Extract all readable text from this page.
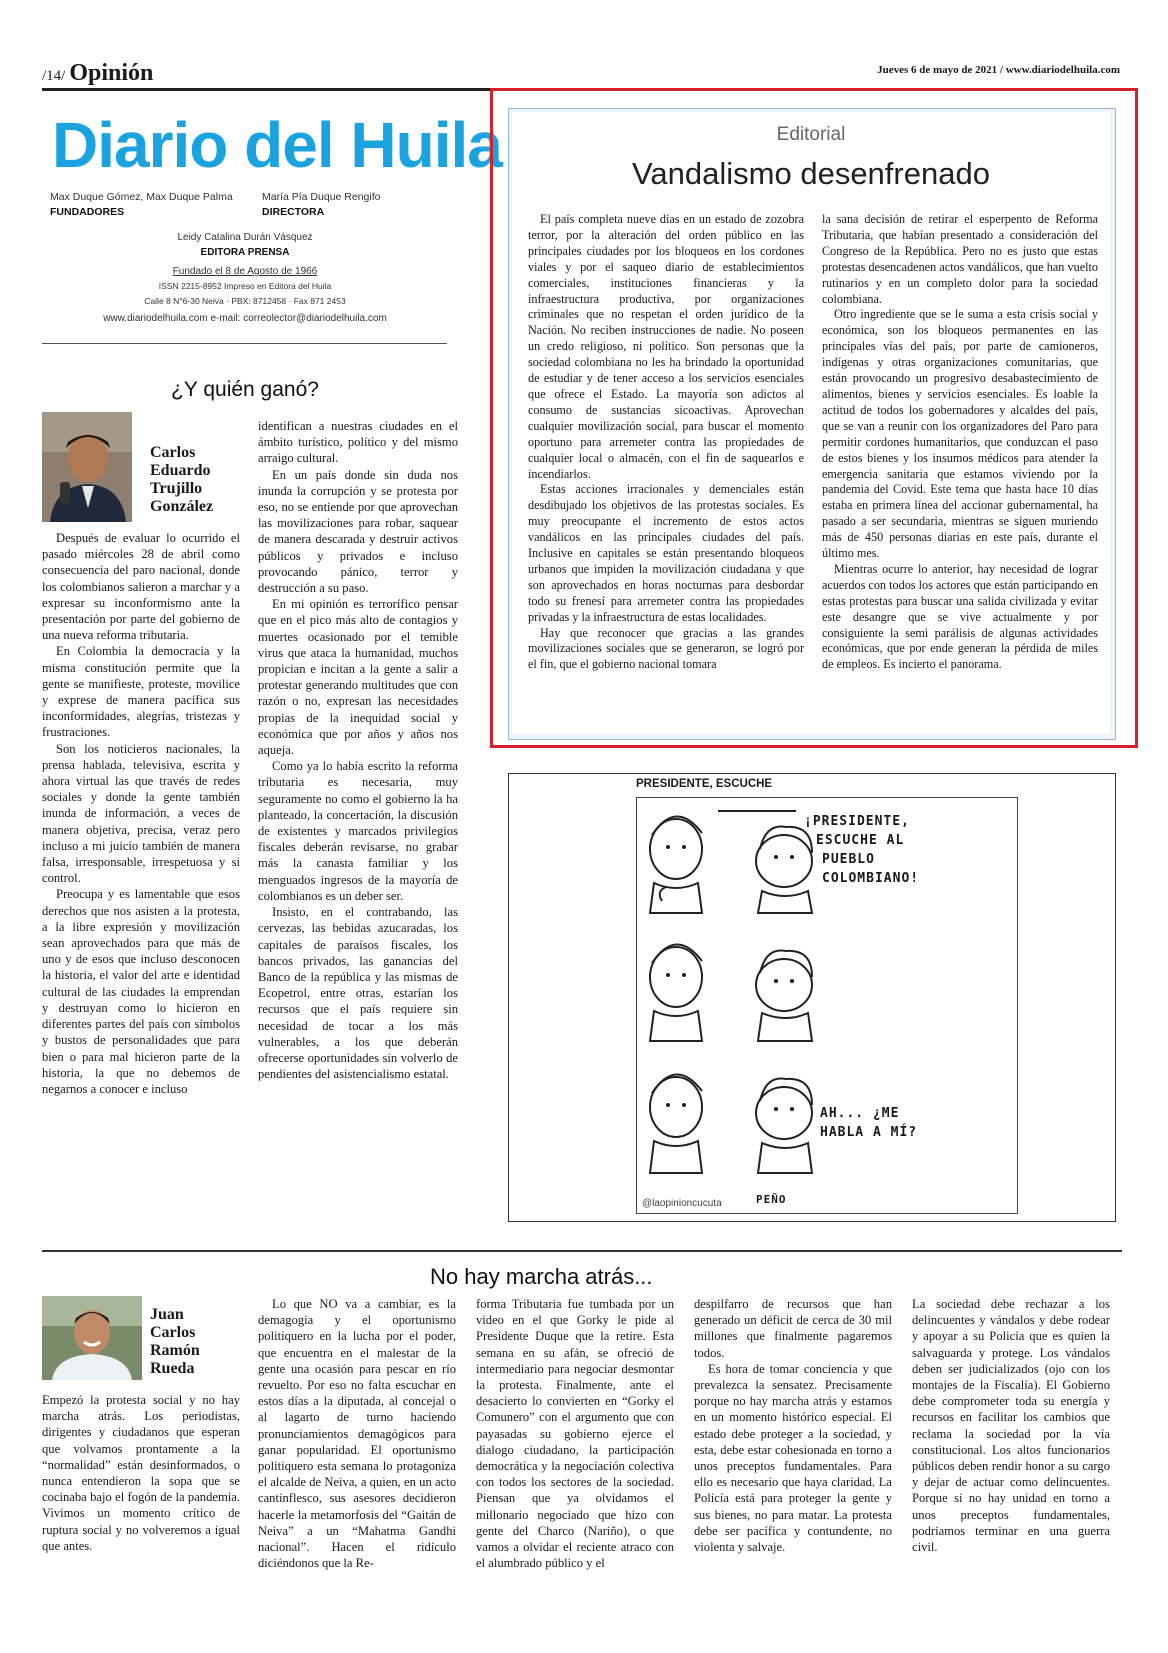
/14/ Opinión	Jueves 6 de mayo de 2021 / www.diariodelhuila.com
Diario del Huila
Max Duque Gómez, Max Duque Palma
FUNDADORES
María Pía Duque Rengifo
DIRECTORA
Leidy Catalina Durán Vásquez
EDITORA PRENSA
Fundado el 8 de Agosto de 1966
ISSN 2215-8952 Impreso en Editora del Huila
Calle 8 N°6-30 Neiva · PBX: 8712458 · Fax 871 2453
www.diariodelhuila.com e-mail: correolector@diariodelhuila.com
¿Y quién ganó?
Carlos
Eduardo
Trujillo
González

Después de evaluar lo ocurrido el pasado miércoles 28 de abril como consecuencia del paro nacional, donde los colombianos salieron a marchar y a expresar su inconformismo ante la presentación por parte del gobierno de una nueva reforma tributaria.

En Colombia la democracia y la misma constitución permite que la gente se manifieste, proteste, movilice y exprese de manera pacífica sus inconformidades, alegrías, tristezas y frustraciones.

Son los noticieros nacionales, la prensa hablada, televisiva, escrita y ahora virtual las que través de redes sociales y donde la gente también inunda de información, a veces de manera objetiva, precisa, veraz pero incluso a mi juicio también de manera falsa, irresponsable, irrespetuosa y si control.

Preocupa y es lamentable que esos derechos que nos asisten a la protesta, a la libre expresión y movilización sean aprovechados para que más de uno y de esos que incluso desconocen la historia, el valor del arte e identidad cultural de las ciudades la emprendan y destruyan como lo hicieron en diferentes partes del país con símbolos y bustos de personalidades que para bien o para mal hicieron parte de la historia, la que no debemos de negarnos a conocer e incluso

identifican a nuestras ciudades en el ámbito turístico, político y del mismo arraigo cultural.

En un país donde sin duda nos inunda la corrupción y se protesta por eso, no se entiende por que aprovechan las movilizaciones para robar, saquear de manera descarada y destruir activos públicos y privados e incluso provocando pánico, terror y destrucción a su paso.

En mi opinión es terrorífico pensar que en el pico más alto de contagios y muertes ocasionado por el temible virus que ataca la humanidad, muchos propician e incitan a la gente a salir a protestar generando multitudes que con razón o no, expresan las necesidades propias de la inequidad social y económica que por años y años nos aqueja.

Como ya lo había escrito la reforma tributaria es necesaria, muy seguramente no como el gobierno la ha planteado, la concertación, la discusión de existentes y marcados privilegios fiscales deberán revisarse, no grabar más la canasta familiar y los menguados ingresos de la mayoría de colombianos es un deber ser.

Insisto, en el contrabando, las cervezas, las bebidas azucaradas, los capitales de paraísos fiscales, los bancos privados, las ganancias del Banco de la república y las mismas de Ecopetrol, entre otras, estarían los recursos que el país requiere sin necesidad de tocar a los más vulnerables, a los que deberán ofrecerse oportunidades sin volverlo de pendientes del asistencialismo estatal.

Editorial
Vandalismo desenfrenado

El país completa nueve días en un estado de zozobra terror, por la alteración del orden público en las principales ciudades por los bloqueos en los cordones viales y por el saqueo diario de establecimientos comerciales, instituciones financieras y la infraestructura productiva, por organizaciones criminales que no respetan el orden jurídico de la Nación. No reciben instrucciones de nadie. No poseen un credo religioso, ni político. Son personas que la sociedad colombiana no les ha brindado la oportunidad de estudiar y de tener acceso a los servicios esenciales que ofrece el Estado. La mayoría son adictos al consumo de sustancias sicoactivas. Aprovechan cualquier movilización social, para buscar el momento oportuno para arremeter contra las propiedades de cualquier local o almacén, con el fin de saquearlos e incendiarlos.

Estas acciones irracionales y demenciales están desdibujado los objetivos de las protestas sociales. Es muy preocupante el incremento de estos actos vandálicos en las principales ciudades del país. Inclusive en capitales se están presentando bloqueos urbanos que impiden la movilización ciudadana y que son aprovechados en horas nocturnas para desbordar todo su frenesí para arremeter contra las propiedades privadas y la infraestructura de estas localidades.

Hay que reconocer que gracias a las grandes movilizaciones sociales que se generaron, se logró por el fin, que el gobierno nacional tomara

la sana decisión de retirar el esperpento de Reforma Tributaria, que habían presentado a consideración del Congreso de la República. Pero no es justo que estas protestas desencadenen actos vandálicos, que han vuelto rutinarios y en un completo dolor para la sociedad colombiana.

Otro ingrediente que se le suma a esta crisis social y económica, son los bloqueos permanentes en las principales vías del país, por parte de camioneros, indígenas y otras organizaciones comunitarias, que están provocando un progresivo desabastecimiento de alimentos, bienes y servicios esenciales. Es loable la actitud de todos los gobernadores y alcaldes del país, que se van a reunir con los organizadores del Paro para permitir cordones humanitarios, que conduzcan el paso de estos bienes y los insumos médicos para atender la emergencia sanitaria que estamos viviendo por la pandemia del Covid. Este tema que hasta hace 10 días estaba en primera línea del accionar gubernamental, ha pasado a ser secundaria, mientras se siguen muriendo más de 450 personas diarias en este país, durante el último mes.

Mientras ocurre lo anterior, hay necesidad de lograr acuerdos con todos los actores que están participando en estas protestas para buscar una salida civilizada y evitar este desangre que se vive actualmente y por consiguiente la semi parálisis de algunas actividades económicas, que por ende generan la pérdida de miles de empleos. Es incierto el panorama.

PRESIDENTE, ESCUCHE
¡PRESIDENTE,
ESCUCHE AL
PUEBLO
COLOMBIANO!
AH... ¿ME
HABLA A MÍ?
@laopinioncucuta	PEÑO
No hay marcha atrás...
Juan
Carlos
Ramón
Rueda

Empezó la protesta social y no hay marcha atrás. Los periodistas, dirigentes y ciudadanos que esperan que volvamos prontamente a la “normalidad” están desinformados, o nunca entendieron la sopa que se cocinaba bajo el fogón de la pandemia. Vivimos un momento crítico de ruptura social y no volveremos a igual que antes.

Lo que NO va a cambiar, es la demagogia y el oportunismo politiquero en la lucha por el poder, que encuentra en el malestar de la gente una ocasión para pescar en río revuelto. Por eso no falta escuchar en estos días a la diputada, al concejal o al lagarto de turno haciendo pronunciamientos demagógicos para ganar popularidad. El oportunismo politiquero esta semana lo protagoniza el alcalde de Neiva, a quien, en un acto cantinflesco, sus asesores decidieron hacerle la metamorfosis del “Gaitán de Neiva” a un “Mahatma Gandhi nacional”. Hacen el ridículo diciéndonos que la Re-

forma Tributaria fue tumbada por un video en el que Gorky le pide al Presidente Duque que la retire. Esta semana en su afán, se ofreció de intermediario para negociar desmontar la protesta. Finalmente, ante el desacierto lo convierten en “Gorky el Comunero” con el argumento que con payasadas su gobierno ejerce el dialogo ciudadano, la participación democrática y la negociación colectiva con todos los sectores de la sociedad. Piensan que ya olvidamos el millonario negociado que hizo con gente del Charco (Nariño), o que vamos a olvidar el reciente atraco con el alumbrado público y el

despilfarro de recursos que han generado un déficit de cerca de 30 mil millones que finalmente pagaremos todos.

Es hora de tomar conciencia y que prevalezca la sensatez. Precisamente porque no hay marcha atrás y estamos en un momento histórico especial. El estado debe proteger a la sociedad, y esta, debe estar cohesionada en torno a unos preceptos fundamentales. Para ello es necesario que haya claridad. La Policía está para proteger la gente y sus bienes, no para matar. La protesta debe ser pacífica y contundente, no violenta y salvaje.

La sociedad debe rechazar a los delincuentes y vándalos y debe rodear y apoyar a su Policía que es quien la salvaguarda y protege. Los vándalos deben ser judicializados (ojo con los montajes de la Fiscalía). El Gobierno debe comprometer toda su energía y recursos en facilitar los cambios que reclama la sociedad por la vía constitucional. Los altos funcionarios públicos deben rendir honor a su cargo y dejar de actuar como delincuentes. Porque si no hay unidad en torno a unos preceptos fundamentales, podríamos terminar en una guerra civil.
